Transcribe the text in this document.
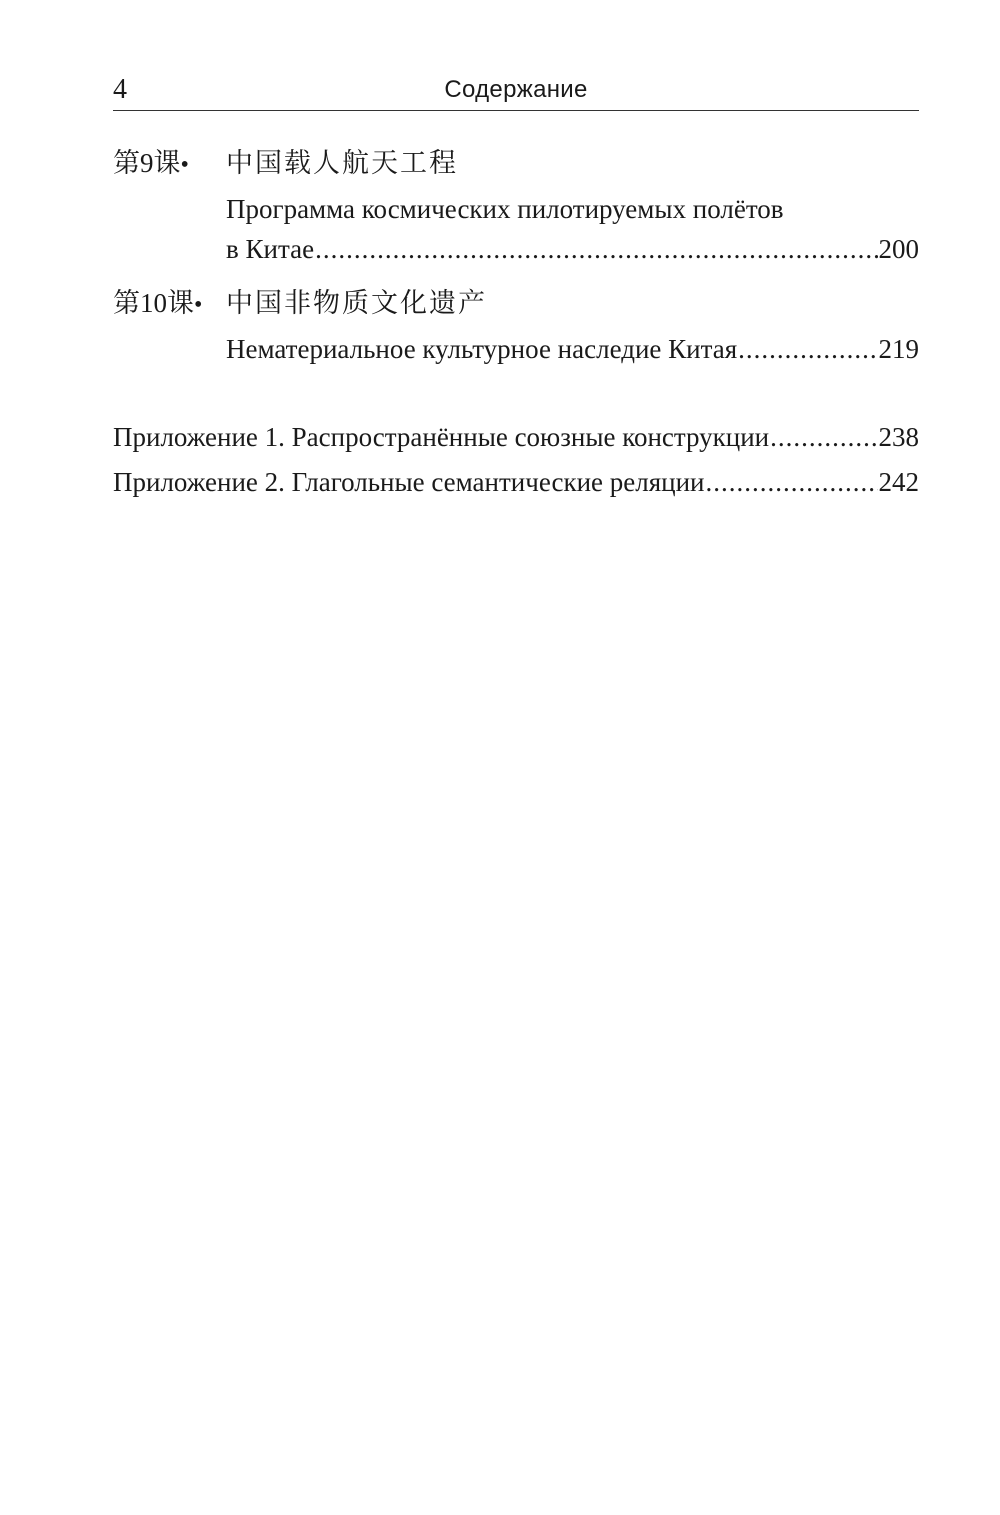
4	Содержание
第9课•	中国载人航天工程
Программа космических пилотируемых полётов
в Китае .....	200
第10课• 中国非物质文化遗产
Нематериальное культурное наследие Китая .....	219
Приложение 1. Распространённые союзные конструкции .....	238
Приложение 2. Глагольные семантические реляции .....	242
